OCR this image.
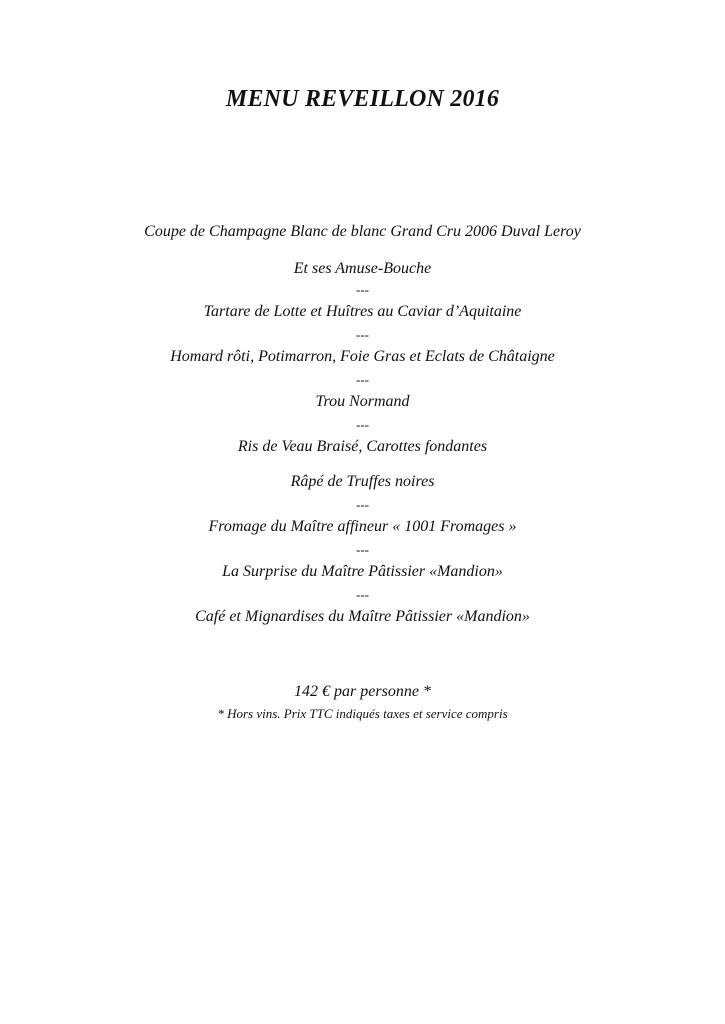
MENU REVEILLON 2016
Coupe de Champagne Blanc de blanc Grand Cru 2006 Duval Leroy
Et ses Amuse-Bouche
---
Tartare de Lotte et Huîtres au Caviar d’Aquitaine
---
Homard rôti, Potimarron, Foie Gras et Eclats de Châtaigne
---
Trou Normand
---
Ris de Veau Braisé, Carottes fondantes
Râpé de Truffes noires
---
Fromage du Maître affineur « 1001 Fromages »
---
La Surprise du Maître Pâtissier «Mandion»
---
Café et Mignardises du Maître Pâtissier «Mandion»
142 € par personne *
* Hors vins. Prix TTC indiqués taxes et service compris
